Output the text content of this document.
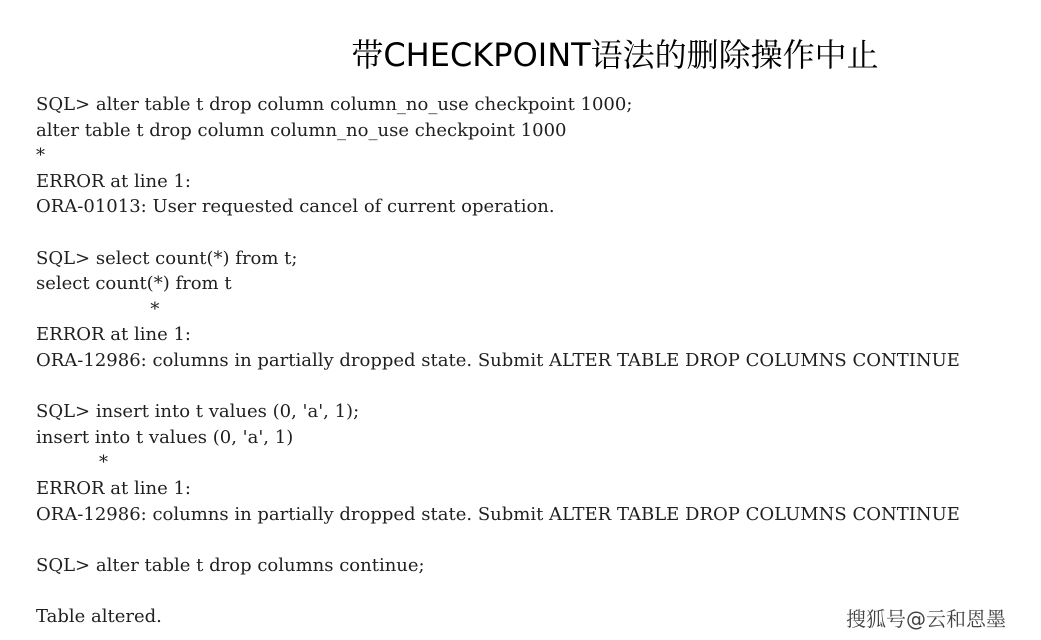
带CHECKPOINT语法的删除操作中止
SQL> alter table t drop column column_no_use checkpoint 1000;
alter table t drop column column_no_use checkpoint 1000
*
ERROR at line 1:
ORA-01013: User requested cancel of current operation.
SQL> select count(*) from t;
select count(*) from t
*
ERROR at line 1:
ORA-12986: columns in partially dropped state. Submit ALTER TABLE DROP COLUMNS CONTINUE
SQL> insert into t values (0, 'a', 1);
insert into t values (0, 'a', 1)
*
ERROR at line 1:
ORA-12986: columns in partially dropped state. Submit ALTER TABLE DROP COLUMNS CONTINUE
SQL> alter table t drop columns continue;
Table altered.	搜狐号@云和恩墨
